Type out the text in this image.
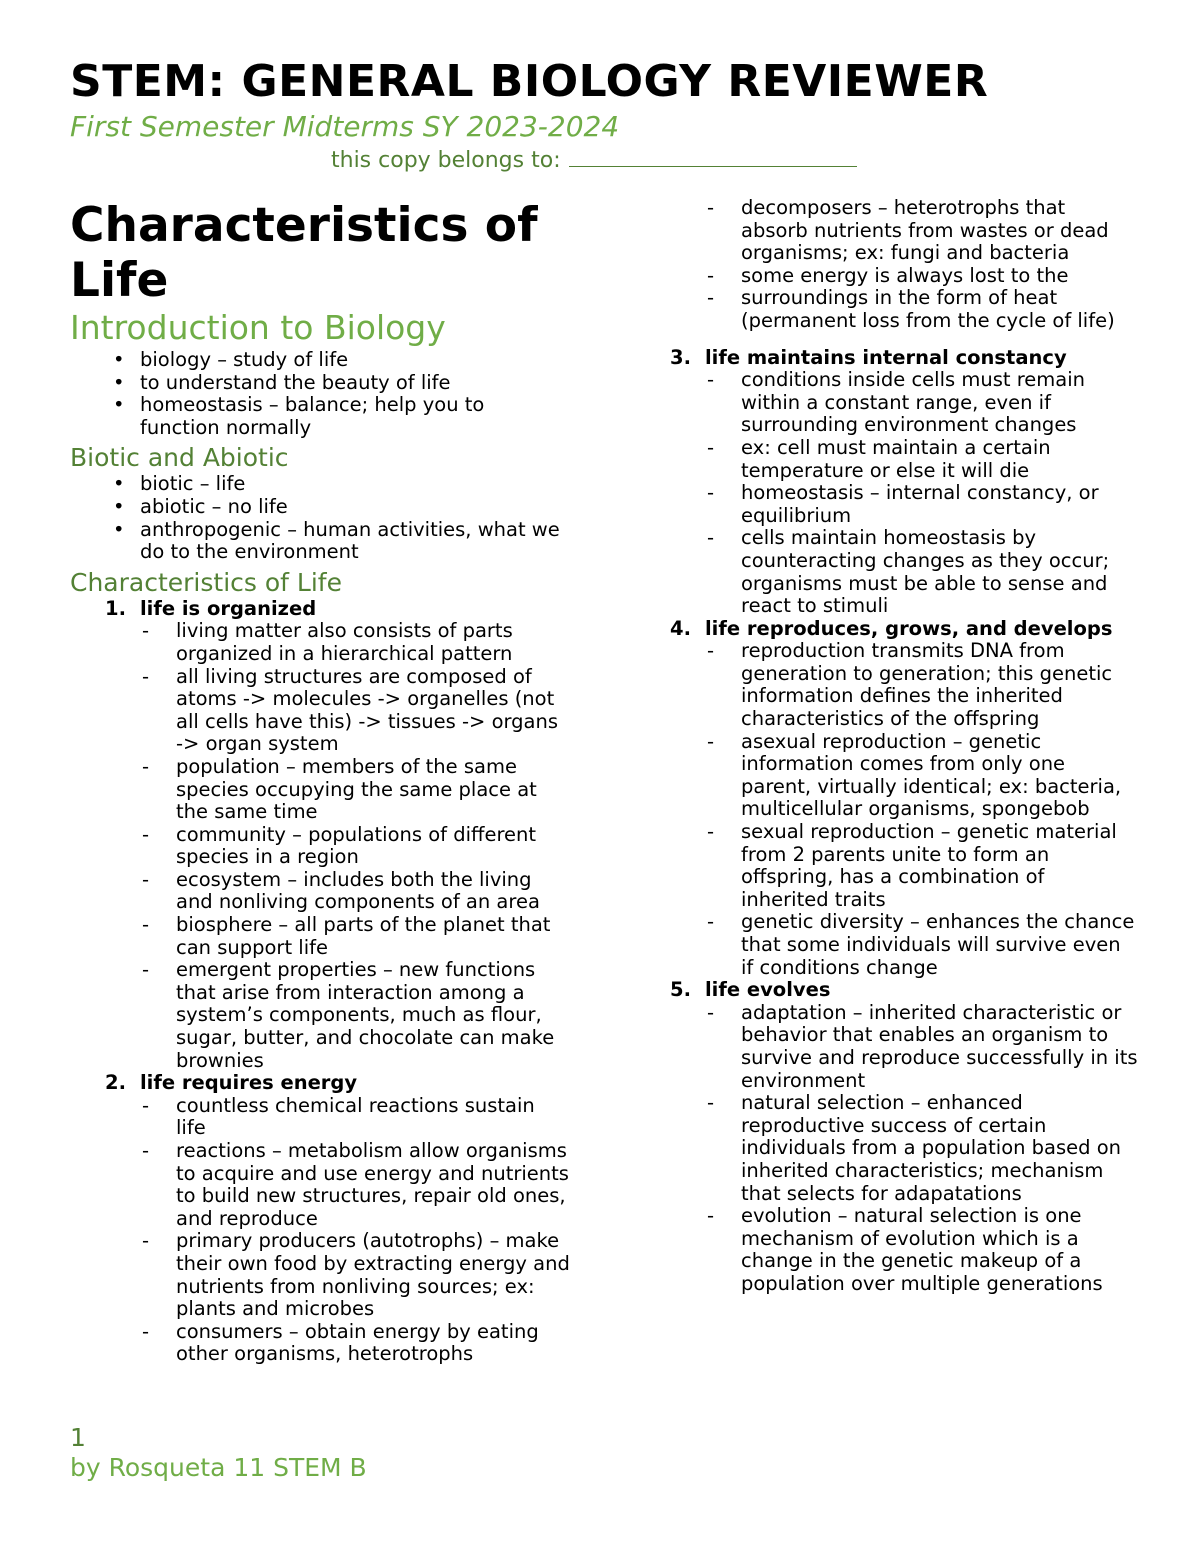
STEM: GENERAL BIOLOGY REVIEWER
First Semester Midterms SY 2023-2024
this copy belongs to:
Characteristics of Life
Introduction to Biology
• biology – study of life
• to understand the beauty of life
• homeostasis – balance; help you to function normally
Biotic and Abiotic
• biotic – life
• abiotic – no life
• anthropogenic – human activities, what we do to the environment
Characteristics of Life
1. life is organized
- living matter also consists of parts organized in a hierarchical pattern
- all living structures are composed of atoms -> molecules -> organelles (not all cells have this) -> tissues -> organs -> organ system
- population – members of the same species occupying the same place at the same time
- community – populations of different species in a region
- ecosystem – includes both the living and nonliving components of an area
- biosphere – all parts of the planet that can support life
- emergent properties – new functions that arise from interaction among a system’s components, much as flour, sugar, butter, and chocolate can make brownies
2. life requires energy
- countless chemical reactions sustain life
- reactions – metabolism allow organisms to acquire and use energy and nutrients to build new structures, repair old ones, and reproduce
- primary producers (autotrophs) – make their own food by extracting energy and nutrients from nonliving sources; ex: plants and microbes
- consumers – obtain energy by eating other organisms, heterotrophs
- decomposers – heterotrophs that absorb nutrients from wastes or dead organisms; ex: fungi and bacteria
- some energy is always lost to the
- surroundings in the form of heat (permanent loss from the cycle of life)
3. life maintains internal constancy
- conditions inside cells must remain within a constant range, even if surrounding environment changes
- ex: cell must maintain a certain temperature or else it will die
- homeostasis – internal constancy, or equilibrium
- cells maintain homeostasis by counteracting changes as they occur; organisms must be able to sense and react to stimuli
4. life reproduces, grows, and develops
- reproduction transmits DNA from generation to generation; this genetic information defines the inherited characteristics of the offspring
- asexual reproduction – genetic information comes from only one parent, virtually identical; ex: bacteria, multicellular organisms, spongebob
- sexual reproduction – genetic material from 2 parents unite to form an offspring, has a combination of inherited traits
- genetic diversity – enhances the chance that some individuals will survive even if conditions change
5. life evolves
- adaptation – inherited characteristic or behavior that enables an organism to survive and reproduce successfully in its environment
- natural selection – enhanced reproductive success of certain individuals from a population based on inherited characteristics; mechanism that selects for adapatations
- evolution – natural selection is one mechanism of evolution which is a change in the genetic makeup of a population over multiple generations
1
by Rosqueta 11 STEM B
